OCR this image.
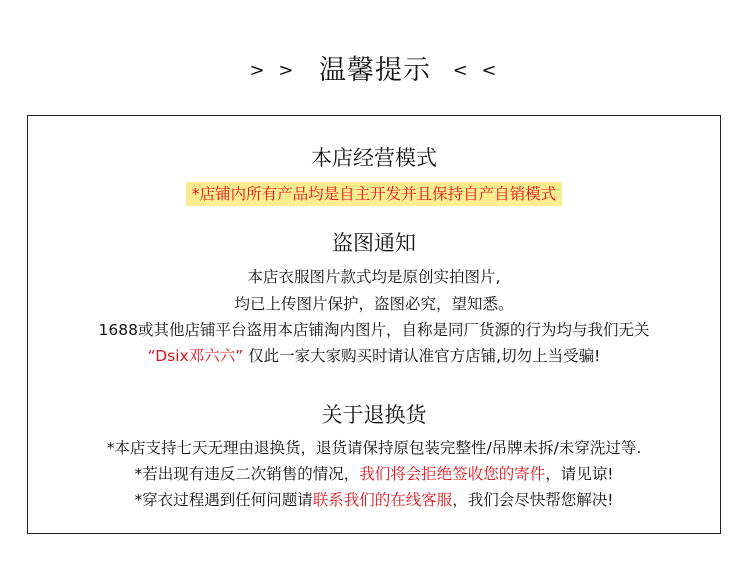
> > 温馨提示 < <
本店经营模式
*店铺内所有产品均是自主开发并且保持自产自销模式
盗图通知
本店衣服图片款式均是原创实拍图片,
均已上传图片保护，盗图必究，望知悉。
1688或其他店铺平台盗用本店铺淘内图片，自称是同厂货源的行为均与我们无关
“Dsix邓六六” 仅此一家大家购买时请认准官方店铺,切勿上当受骗!
关于退换货
*本店支持七天无理由退换货，退货请保持原包装完整性/吊牌未拆/未穿洗过等.
*若出现有违反二次销售的情况，我们将会拒绝签收您的寄件，请见谅!
*穿衣过程遇到任何问题请联系我们的在线客服，我们会尽快帮您解决!
